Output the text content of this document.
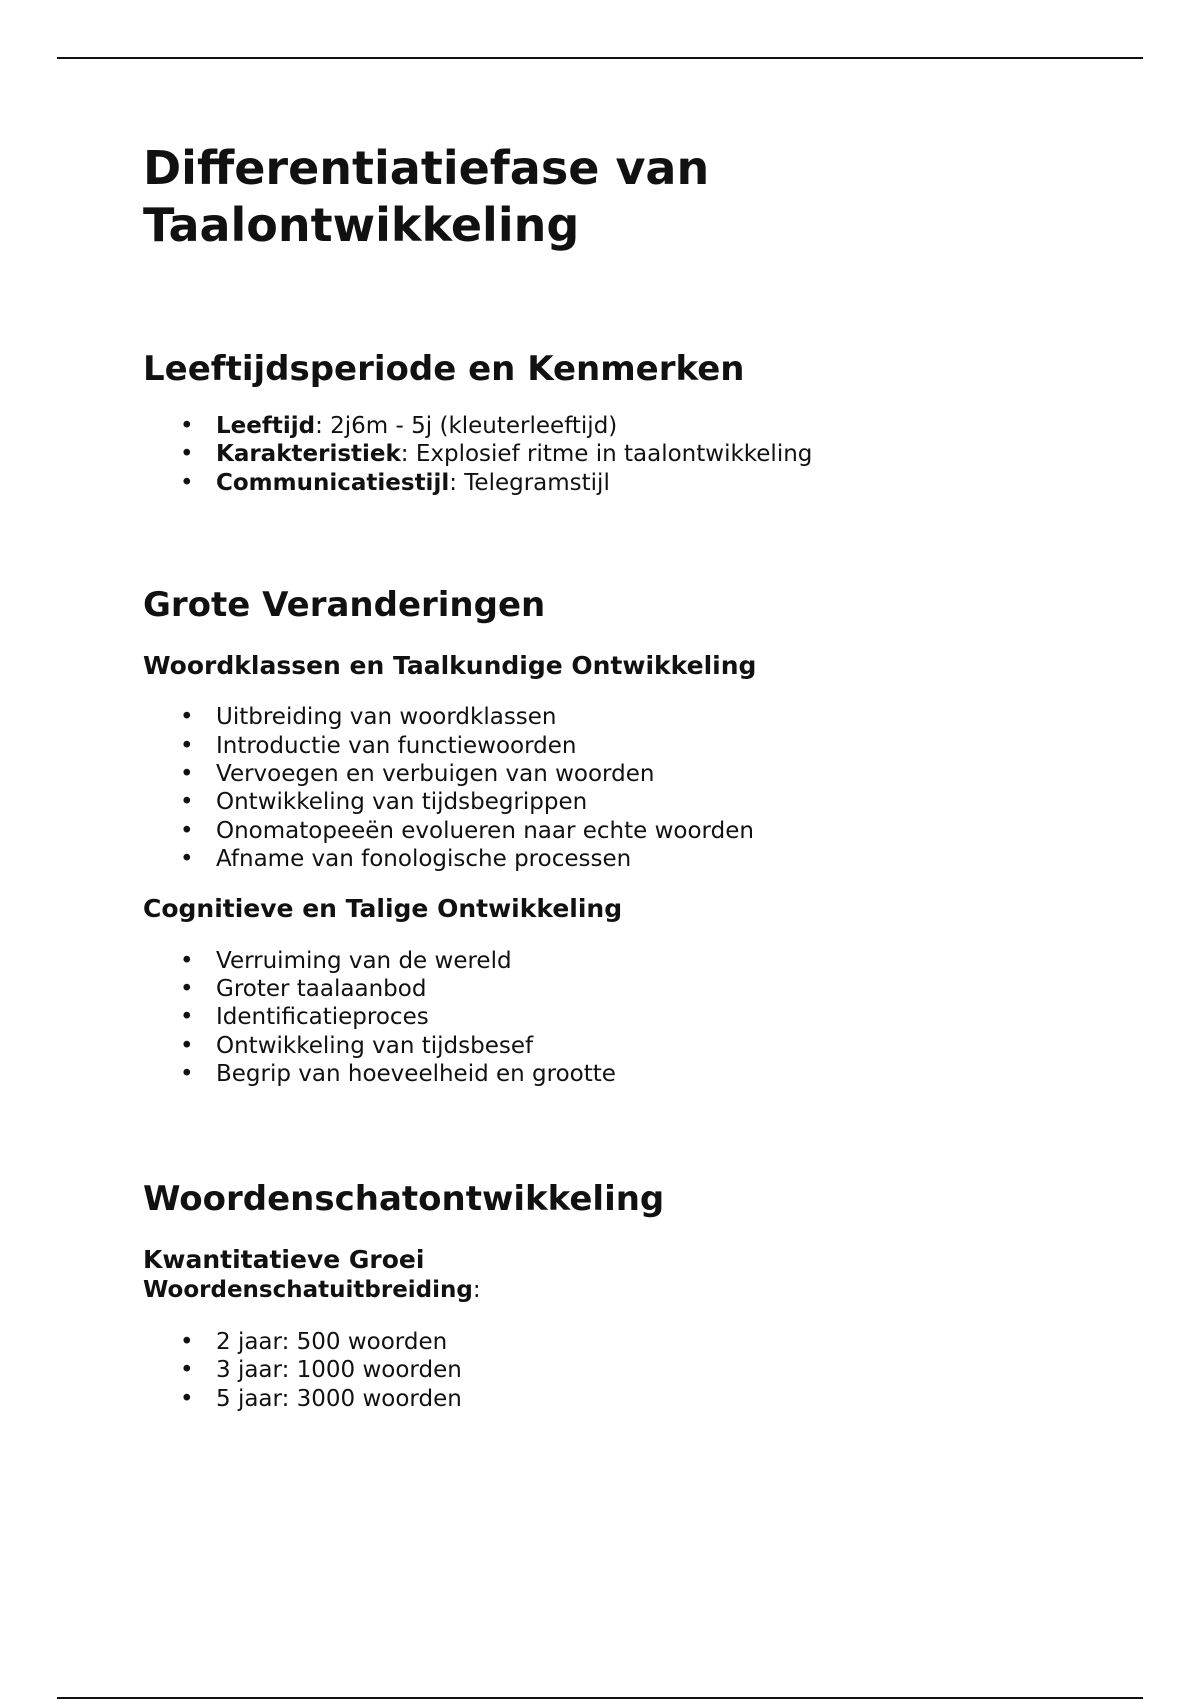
Differentiatiefase van
Taalontwikkeling
Leeftijdsperiode en Kenmerken
• Leeftijd: 2j6m - 5j (kleuterleeftijd)
• Karakteristiek: Explosief ritme in taalontwikkeling
• Communicatiestijl: Telegramstijl
Grote Veranderingen
Woordklassen en Taalkundige Ontwikkeling
• Uitbreiding van woordklassen
• Introductie van functiewoorden
• Vervoegen en verbuigen van woorden
• Ontwikkeling van tijdsbegrippen
• Onomatopeeën evolueren naar echte woorden
• Afname van fonologische processen
Cognitieve en Talige Ontwikkeling
• Verruiming van de wereld
• Groter taalaanbod
• Identificatieproces
• Ontwikkeling van tijdsbesef
• Begrip van hoeveelheid en grootte
Woordenschatontwikkeling
Kwantitatieve Groei

Woordenschatuitbreiding:

• 2 jaar: 500 woorden
• 3 jaar: 1000 woorden
• 5 jaar: 3000 woorden
